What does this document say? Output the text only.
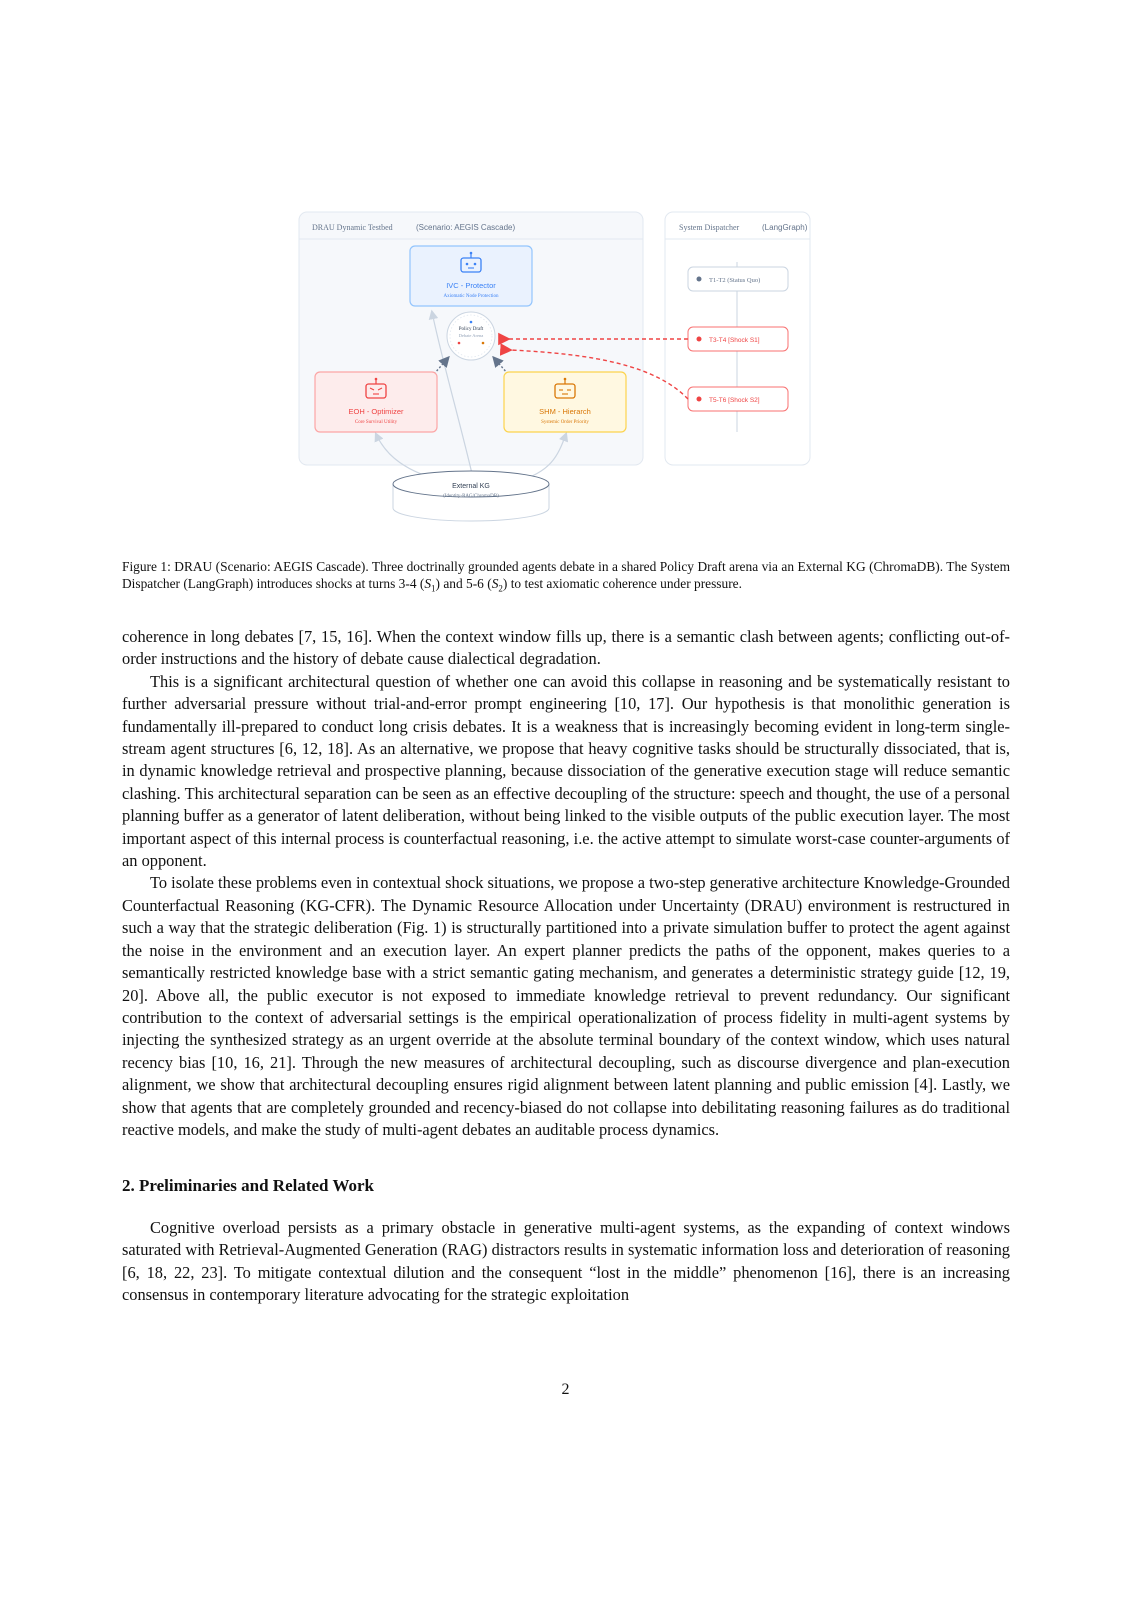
DRAU Dynamic Testbed	(Scenario: AEGIS Cascade)	System Dispatcher	(LangGraph)
T1-T2 (Status Quo)
T3-T4 [Shock S1]
T5-T6 [Shock S2]
IVC - Protector
Axiomatic Node Protection
EOH - Optimizer
Core Survival Utility
SHM - Hierarch
Systemic Order Priority
Policy Draft
Debate Arena
External KG
(Identity-RAG/ChromaDB)
Figure 1: DRAU (Scenario: AEGIS Cascade). Three doctrinally grounded agents debate in a shared Policy Draft arena via an External KG (ChromaDB). The System Dispatcher (LangGraph) introduces shocks at turns 3-4 $(S_1)$ and 5-6 $(S_2)$ to test axiomatic coherence under pressure.

coherence in long debates [7, 15, 16]. When the context window fills up, there is a semantic clash between agents; conflicting out-of-order instructions and the history of debate cause dialectical degradation.

This is a significant architectural question of whether one can avoid this collapse in reasoning and be systematically resistant to further adversarial pressure without trial-and-error prompt engineering [10, 17]. Our hypothesis is that monolithic generation is fundamentally ill-prepared to conduct long crisis debates. It is a weakness that is increasingly becoming evident in long-term single-stream agent structures [6, 12, 18]. As an alternative, we propose that heavy cognitive tasks should be structurally dissociated, that is, in dynamic knowledge retrieval and prospective planning, because dissociation of the generative execution stage will reduce semantic clashing. This architectural separation can be seen as an effective decoupling of the structure: speech and thought, the use of a personal planning buffer as a generator of latent deliberation, without being linked to the visible outputs of the public execution layer. The most important aspect of this internal process is counterfactual reasoning, i.e. the active attempt to simulate worst-case counter-arguments of an opponent.

To isolate these problems even in contextual shock situations, we propose a two-step generative architecture Knowledge-Grounded Counterfactual Reasoning (KG-CFR). The Dynamic Resource Allocation under Uncertainty (DRAU) environment is restructured in such a way that the strategic deliberation (Fig. 1) is structurally partitioned into a private simulation buffer to protect the agent against the noise in the environment and an execution layer. An expert planner predicts the paths of the opponent, makes queries to a semantically restricted knowledge base with a strict semantic gating mechanism, and generates a deterministic strategy guide [12, 19, 20]. Above all, the public executor is not exposed to immediate knowledge retrieval to prevent redundancy. Our significant contribution to the context of adversarial settings is the empirical operationalization of process fidelity in multi-agent systems by injecting the synthesized strategy as an urgent override at the absolute terminal boundary of the context window, which uses natural recency bias [10, 16, 21]. Through the new measures of architectural decoupling, such as discourse divergence and plan-execution alignment, we show that architectural decoupling ensures rigid alignment between latent planning and public emission [4]. Lastly, we show that agents that are completely grounded and recency-biased do not collapse into debilitating reasoning failures as do traditional reactive models, and make the study of multi-agent debates an auditable process dynamics.

2. Preliminaries and Related Work

Cognitive overload persists as a primary obstacle in generative multi-agent systems, as the expanding of context windows saturated with Retrieval-Augmented Generation (RAG) distractors results in systematic information loss and deterioration of reasoning [6, 18, 22, 23]. To mitigate contextual dilution and the consequent “lost in the middle” phenomenon [16], there is an increasing consensus in contemporary literature advocating for the strategic exploitation

2
